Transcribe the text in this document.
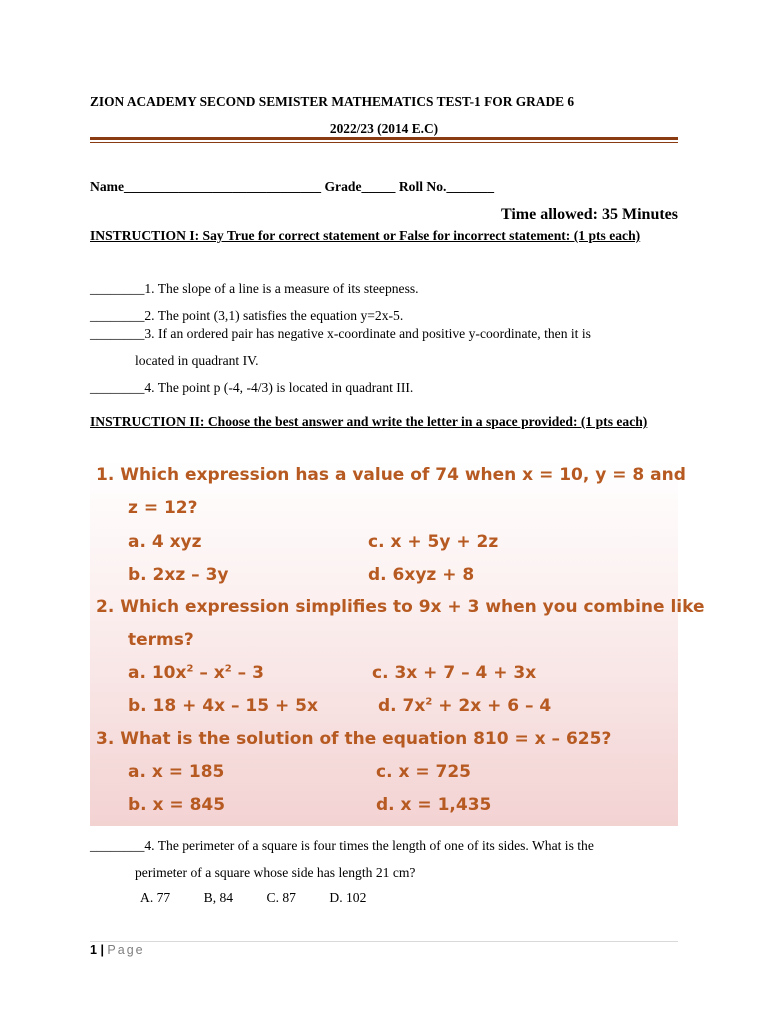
ZION ACADEMY SECOND SEMISTER MATHEMATICS TEST-1 FOR GRADE 6
2022/23 (2014 E.C)
Name_____________________________ Grade_____ Roll No._______
Time allowed: 35 Minutes
INSTRUCTION I: Say True for correct statement or False for incorrect statement: (1 pts each)
________1. The slope of a line is a measure of its steepness.
________2. The point (3,1) satisfies the equation y=2x-5.
________3. If an ordered pair has negative x-coordinate and positive y-coordinate, then it is
located in quadrant IV.
________4. The point p (-4, -4/3) is located in quadrant III.
INSTRUCTION II: Choose the best answer and write the letter in a space provided: (1 pts each)
1. Which expression has a value of 74 when x = 10, y = 8 and
z = 12?
a. 4 xyz	c. x + 5y + 2z
b. 2xz – 3y	d. 6xyz + 8
2. Which expression simplifies to 9x + 3 when you combine like
terms?
a. $10x^2 - x^2 - 3$	c. 3x + 7 – 4 + 3x
b. 18 + 4x – 15 + 5x	d. $7x^2 + 2x + 6 - 4$
3. What is the solution of the equation 810 = x – 625?
a. x = 185	c. x = 725
b. x = 845	d. x = 1,435
________4. The perimeter of a square is four times the length of one of its sides. What is the
perimeter of a square whose side has length 21 cm?
A. 77 B, 84 C. 87 D. 102
1 | Page
